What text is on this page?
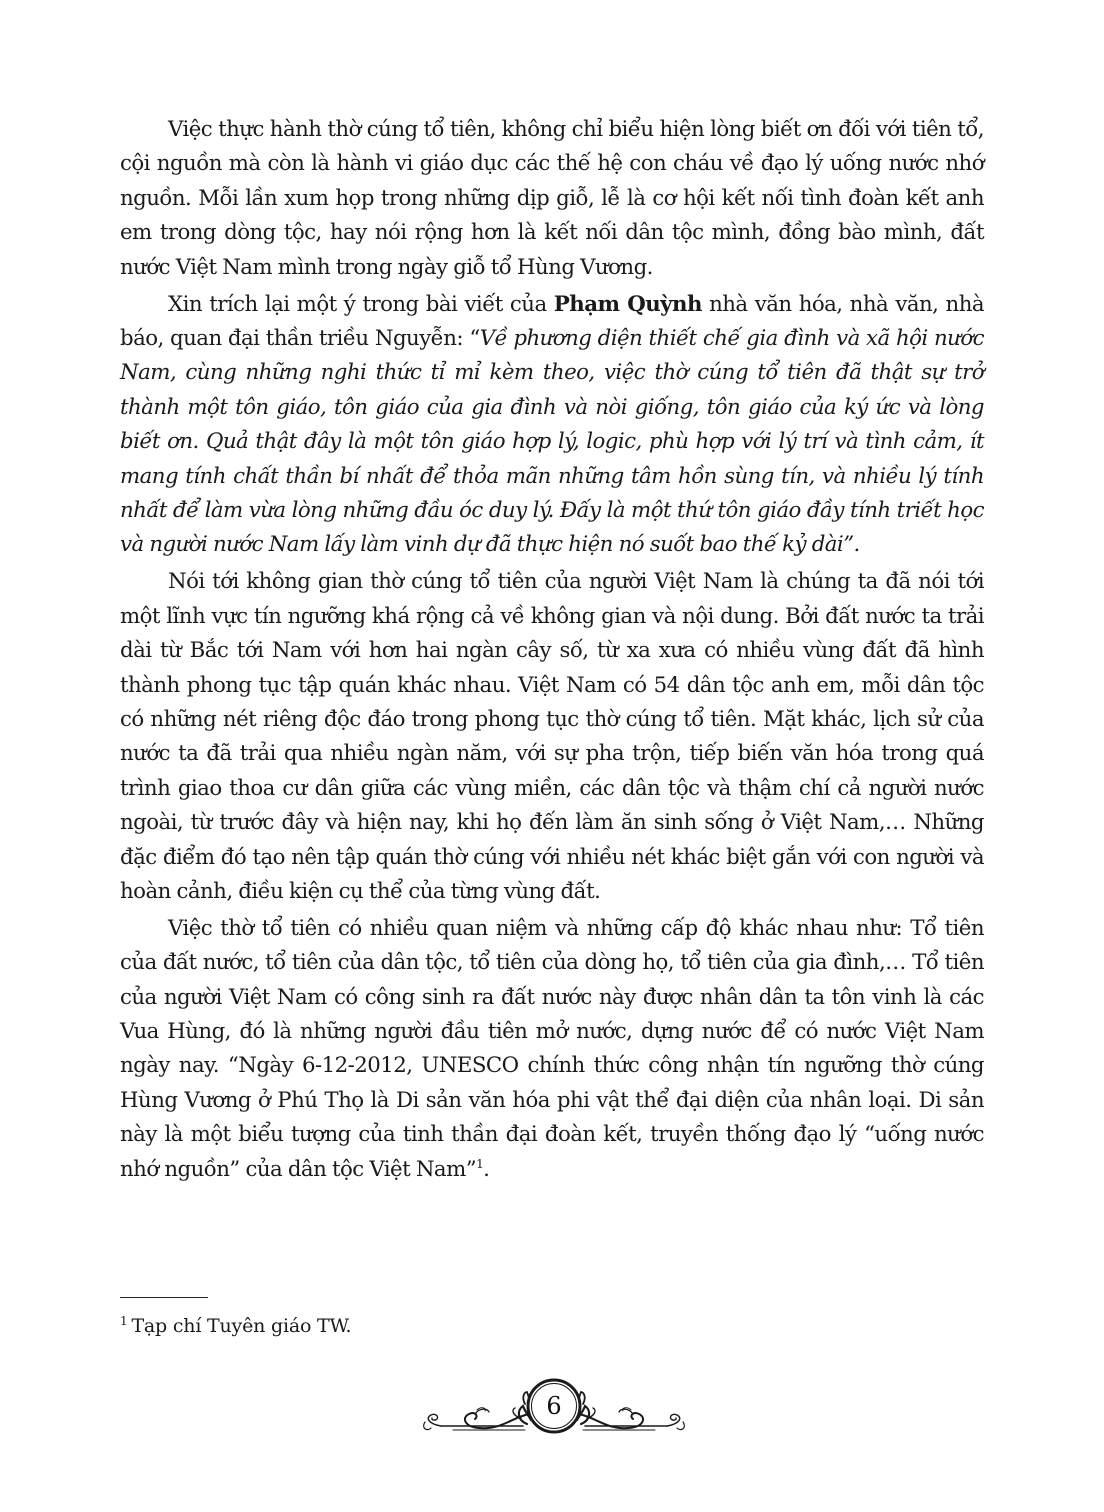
Việc thực hành thờ cúng tổ tiên, không chỉ biểu hiện lòng biết ơn đối với tiên tổ, cội nguồn mà còn là hành vi giáo dục các thế hệ con cháu về đạo lý uống nước nhớ nguồn. Mỗi lần xum họp trong những dịp giỗ, lễ là cơ hội kết nối tình đoàn kết anh em trong dòng tộc, hay nói rộng hơn là kết nối dân tộc mình, đồng bào mình, đất nước Việt Nam mình trong ngày giỗ tổ Hùng Vương.

Xin trích lại một ý trong bài viết của Phạm Quỳnh nhà văn hóa, nhà văn, nhà báo, quan đại thần triều Nguyễn: “Về phương diện thiết chế gia đình và xã hội nước Nam, cùng những nghi thức tỉ mỉ kèm theo, việc thờ cúng tổ tiên đã thật sự trở thành một tôn giáo, tôn giáo của gia đình và nòi giống, tôn giáo của ký ức và lòng biết ơn. Quả thật đây là một tôn giáo hợp lý, logic, phù hợp với lý trí và tình cảm, ít mang tính chất thần bí nhất để thỏa mãn những tâm hồn sùng tín, và nhiều lý tính nhất để làm vừa lòng những đầu óc duy lý. Đấy là một thứ tôn giáo đầy tính triết học và người nước Nam lấy làm vinh dự đã thực hiện nó suốt bao thế kỷ dài”.

Nói tới không gian thờ cúng tổ tiên của người Việt Nam là chúng ta đã nói tới một lĩnh vực tín ngưỡng khá rộng cả về không gian và nội dung. Bởi đất nước ta trải dài từ Bắc tới Nam với hơn hai ngàn cây số, từ xa xưa có nhiều vùng đất đã hình thành phong tục tập quán khác nhau. Việt Nam có 54 dân tộc anh em, mỗi dân tộc có những nét riêng độc đáo trong phong tục thờ cúng tổ tiên. Mặt khác, lịch sử của nước ta đã trải qua nhiều ngàn năm, với sự pha trộn, tiếp biến văn hóa trong quá trình giao thoa cư dân giữa các vùng miền, các dân tộc và thậm chí cả người nước ngoài, từ trước đây và hiện nay, khi họ đến làm ăn sinh sống ở Việt Nam,… Những đặc điểm đó tạo nên tập quán thờ cúng với nhiều nét khác biệt gắn với con người và hoàn cảnh, điều kiện cụ thể của từng vùng đất.

Việc thờ tổ tiên có nhiều quan niệm và những cấp độ khác nhau như: Tổ tiên của đất nước, tổ tiên của dân tộc, tổ tiên của dòng họ, tổ tiên của gia đình,… Tổ tiên của người Việt Nam có công sinh ra đất nước này được nhân dân ta tôn vinh là các Vua Hùng, đó là những người đầu tiên mở nước, dựng nước để có nước Việt Nam ngày nay. “Ngày 6-12-2012, UNESCO chính thức công nhận tín ngưỡng thờ cúng Hùng Vương ở Phú Thọ là Di sản văn hóa phi vật thể đại diện của nhân loại. Di sản này là một biểu tượng của tinh thần đại đoàn kết, truyền thống đạo lý “uống nước nhớ nguồn” của dân tộc Việt Nam”$^1$.

$^1$ Tạp chí Tuyên giáo TW.
6
